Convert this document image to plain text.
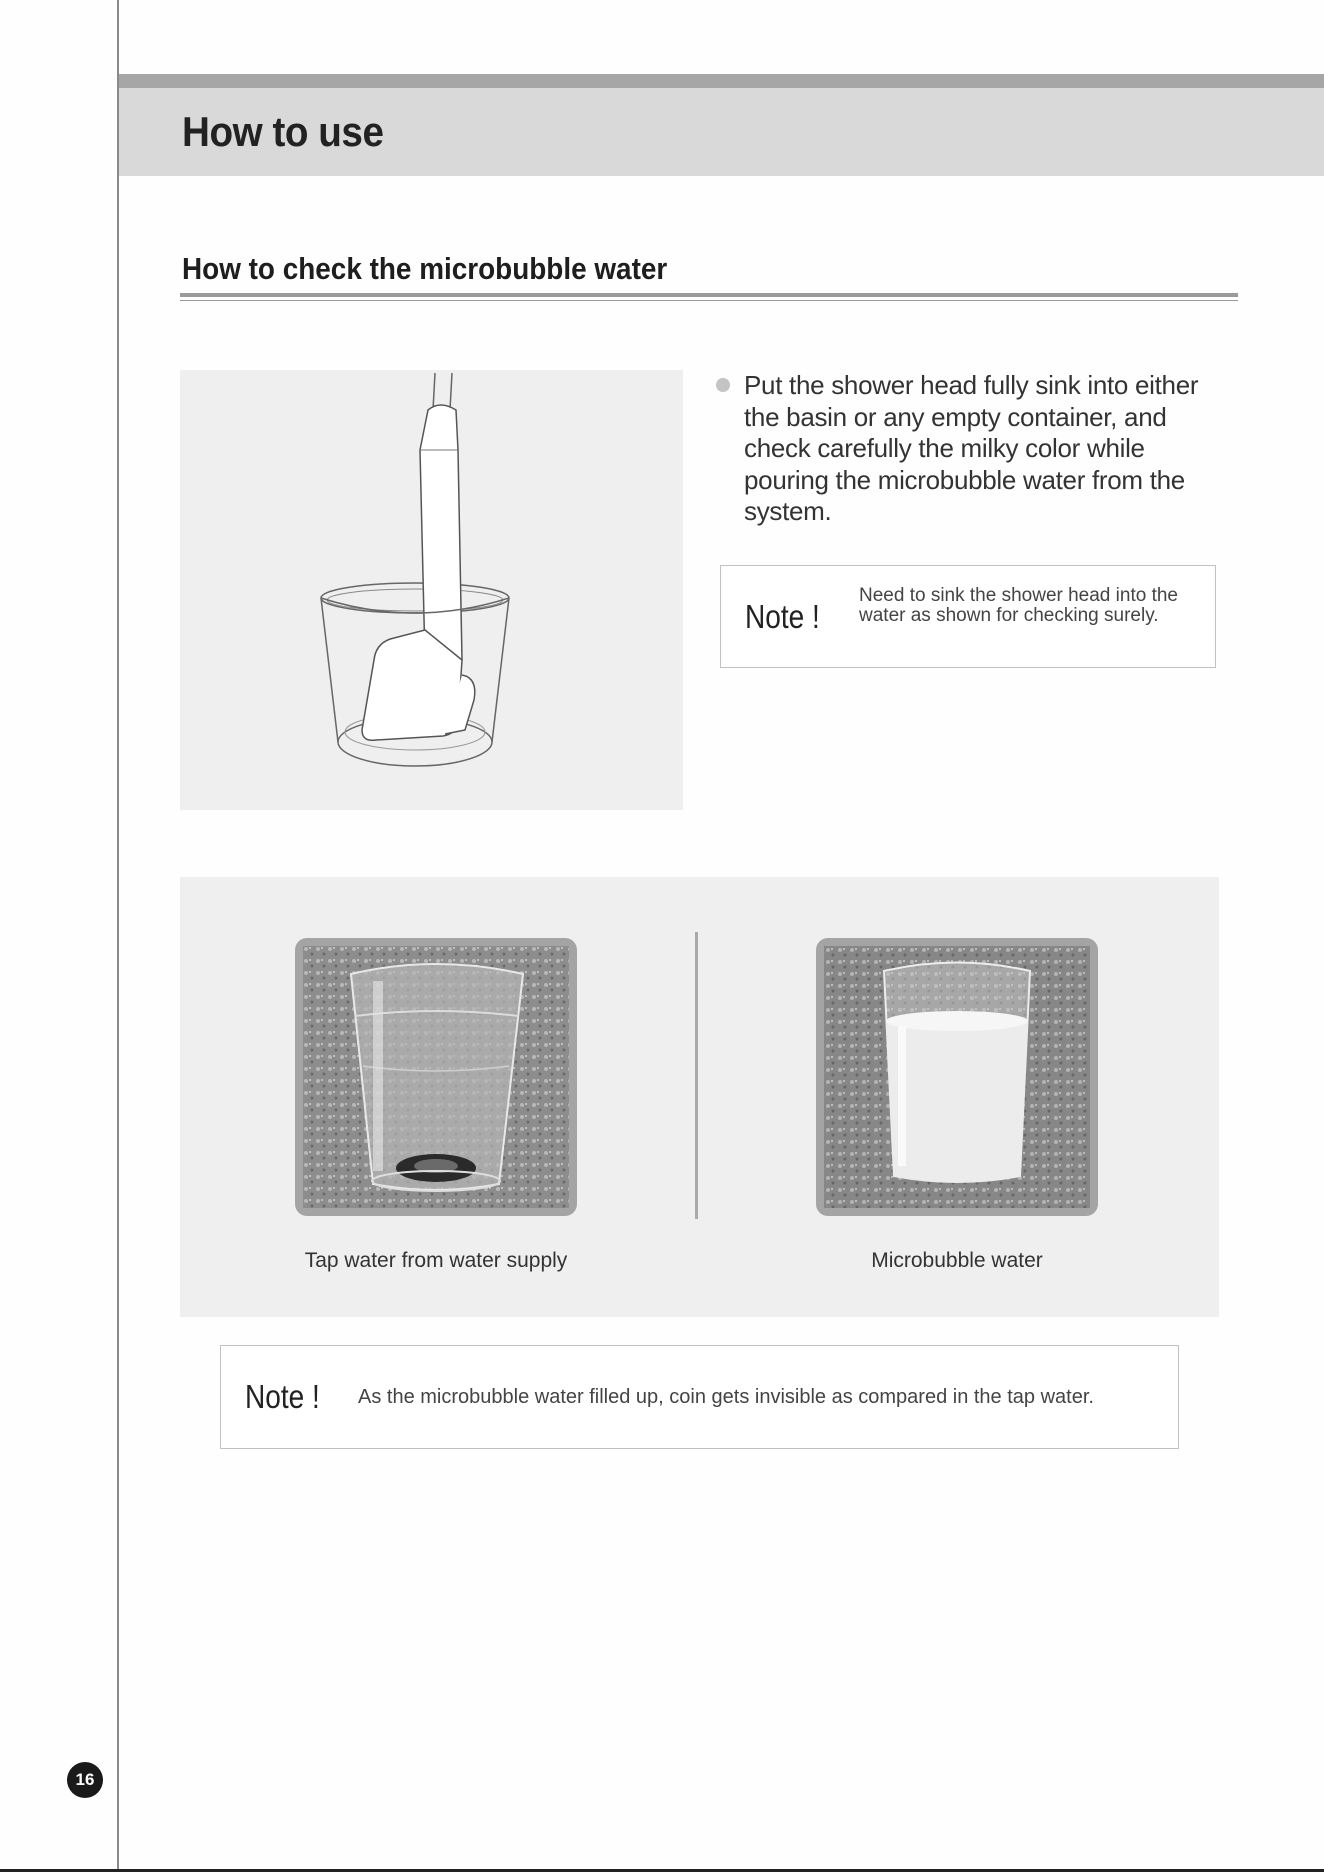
How to use
How to check the microbubble water
Put the shower head fully sink into either the basin or any empty container, and check carefully the milky color while pouring the microbubble water from the system.
Note !
Need to sink the shower head into the water as shown for checking surely.
Tap water from water supply	Microbubble water
Note ! As the microbubble water filled up, coin gets invisible as compared in the tap water.
16
